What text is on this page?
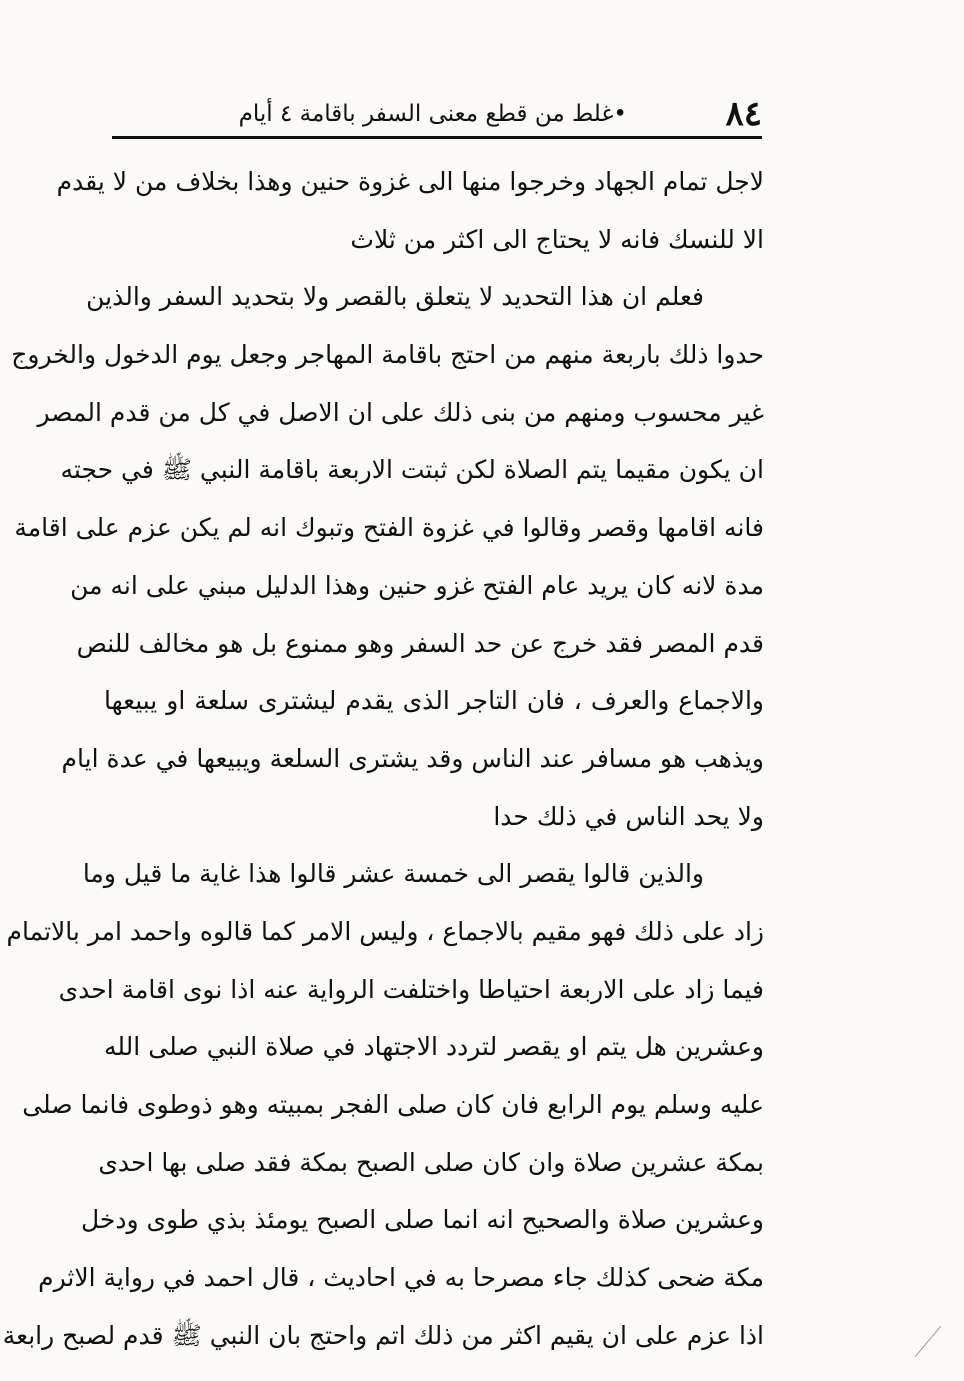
٨٤
•غلط من قطع معنى السفر باقامة ٤ أيام
لاجل تمام الجهاد وخرجوا منها الى غزوة حنين وهذا بخلاف من لا يقدم
الا للنسك فانه لا يحتاج الى اكثر من ثلاث
فعلم ان هذا التحديد لا يتعلق بالقصر ولا بتحديد السفر والذين
حدوا ذلك باربعة منهم من احتج باقامة المهاجر وجعل يوم الدخول والخروج
غير محسوب ومنهم من بنى ذلك على ان الاصل في كل من قدم المصر
ان يكون مقيما يتم الصلاة لكن ثبتت الاربعة باقامة النبي ﷺ في حجته
فانه اقامها وقصر وقالوا في غزوة الفتح وتبوك انه لم يكن عزم على اقامة
مدة لانه كان يريد عام الفتح غزو حنين وهذا الدليل مبني على انه من
قدم المصر فقد خرج عن حد السفر وهو ممنوع بل هو مخالف للنص
والاجماع والعرف ، فان التاجر الذى يقدم ليشترى سلعة او يبيعها
ويذهب هو مسافر عند الناس وقد يشترى السلعة ويبيعها في عدة ايام
ولا يحد الناس في ذلك حدا
والذين قالوا يقصر الى خمسة عشر قالوا هذا غاية ما قيل وما
زاد على ذلك فهو مقيم بالاجماع ، وليس الامر كما قالوه واحمد امر بالاتمام
فيما زاد على الاربعة احتياطا واختلفت الرواية عنه اذا نوى اقامة احدى
وعشرين هل يتم او يقصر لتردد الاجتهاد في صلاة النبي صلى الله
عليه وسلم يوم الرابع فان كان صلى الفجر بمبيته وهو ذوطوى فانما صلى
بمكة عشرين صلاة وان كان صلى الصبح بمكة فقد صلى بها احدى
وعشرين صلاة والصحيح انه انما صلى الصبح يومئذ بذي طوى ودخل
مكة ضحى كذلك جاء مصرحا به في احاديث ، قال احمد في رواية الاثرم
اذا عزم على ان يقيم اكثر من ذلك اتم واحتج بان النبي ﷺ قدم لصبح رابعة
